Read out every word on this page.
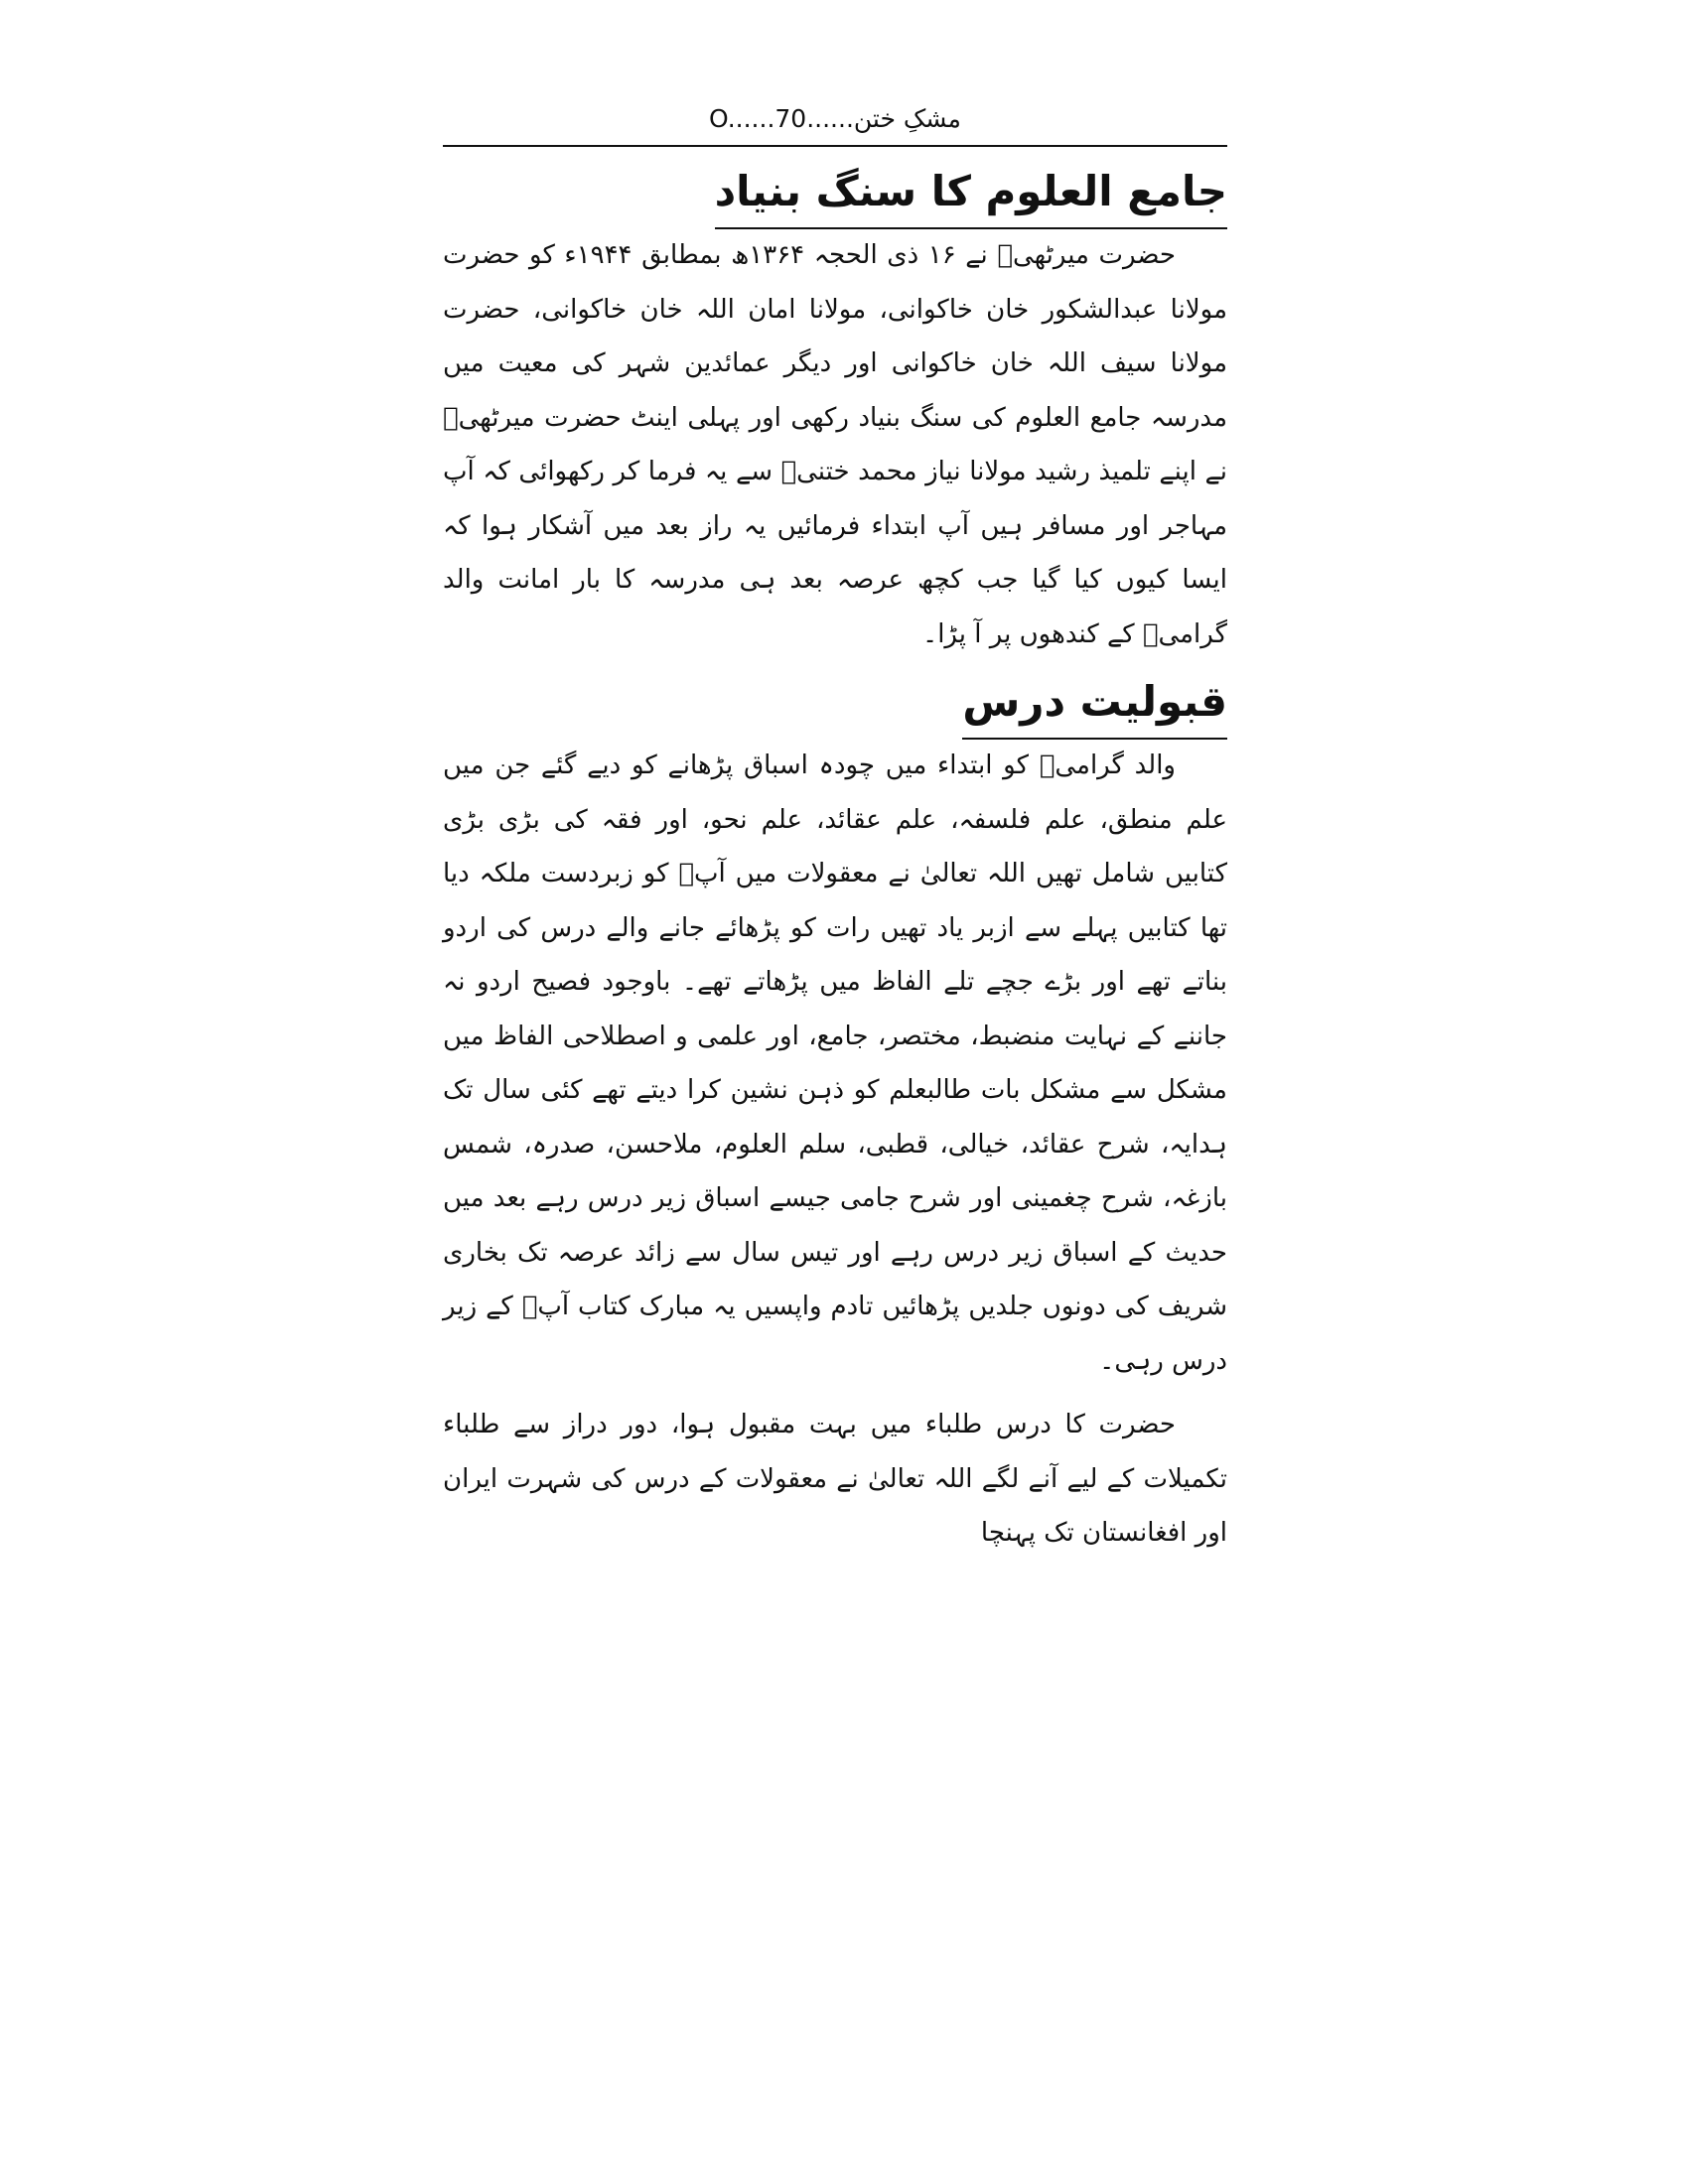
مشکِ ختن......O......70
جامع العلوم کا سنگ بنیاد

حضرت میرٹھیؒ نے ۱۶ ذی الحجہ ۱۳۶۴ھ بمطابق ۱۹۴۴ء کو حضرت مولانا عبدالشکور خان خاکوانی، مولانا امان اللہ خان خاکوانی، حضرت مولانا سیف اللہ خان خاکوانی اور دیگر عمائدین شہر کی معیت میں مدرسہ جامع العلوم کی سنگ بنیاد رکھی اور پہلی اینٹ حضرت میرٹھیؒ نے اپنے تلمیذ رشید مولانا نیاز محمد ختنیؒ سے یہ فرما کر رکھوائی کہ آپ مہاجر اور مسافر ہیں آپ ابتداء فرمائیں یہ راز بعد میں آشکار ہوا کہ ایسا کیوں کیا گیا جب کچھ عرصہ بعد ہی مدرسہ کا بار امانت والد گرامیؒ کے کندھوں پر آ پڑا۔

قبولیت درس

والد گرامیؒ کو ابتداء میں چودہ اسباق پڑھانے کو دیے گئے جن میں علم منطق، علم فلسفہ، علم عقائد، علم نحو، اور فقہ کی بڑی بڑی کتابیں شامل تھیں اللہ تعالیٰ نے معقولات میں آپؒ کو زبردست ملکہ دیا تھا کتابیں پہلے سے ازبر یاد تھیں رات کو پڑھائے جانے والے درس کی اردو بناتے تھے اور بڑے جچے تلے الفاظ میں پڑھاتے تھے۔ باوجود فصیح اردو نہ جاننے کے نہایت منضبط، مختصر، جامع، اور علمی و اصطلاحی الفاظ میں مشکل سے مشکل بات طالبعلم کو ذہن نشین کرا دیتے تھے کئی سال تک ہدایہ، شرح عقائد، خیالی، قطبی، سلم العلوم، ملاحسن، صدرہ، شمس بازغہ، شرح چغمینی اور شرح جامی جیسے اسباق زیر درس رہے بعد میں حدیث کے اسباق زیر درس رہے اور تیس سال سے زائد عرصہ تک بخاری شریف کی دونوں جلدیں پڑھائیں تادم واپسیں یہ مبارک کتاب آپؒ کے زیر درس رہی۔

حضرت کا درس طلباء میں بہت مقبول ہوا، دور دراز سے طلباء تکمیلات کے لیے آنے لگے اللہ تعالیٰ نے معقولات کے درس کی شہرت ایران اور افغانستان تک پہنچا
